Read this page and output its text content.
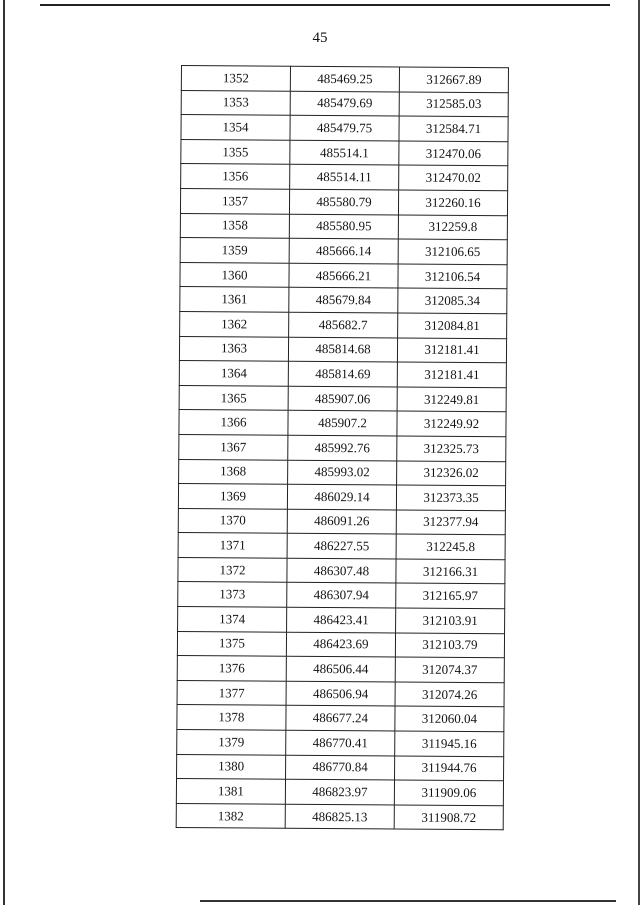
45
1352	485469.25	312667.89
1353	485479.69	312585.03
1354	485479.75	312584.71
1355	485514.1	312470.06
1356	485514.11	312470.02
1357	485580.79	312260.16
1358	485580.95	312259.8
1359	485666.14	312106.65
1360	485666.21	312106.54
1361	485679.84	312085.34
1362	485682.7	312084.81
1363	485814.68	312181.41
1364	485814.69	312181.41
1365	485907.06	312249.81
1366	485907.2	312249.92
1367	485992.76	312325.73
1368	485993.02	312326.02
1369	486029.14	312373.35
1370	486091.26	312377.94
1371	486227.55	312245.8
1372	486307.48	312166.31
1373	486307.94	312165.97
1374	486423.41	312103.91
1375	486423.69	312103.79
1376	486506.44	312074.37
1377	486506.94	312074.26
1378	486677.24	312060.04
1379	486770.41	311945.16
1380	486770.84	311944.76
1381	486823.97	311909.06
1382	486825.13	311908.72
